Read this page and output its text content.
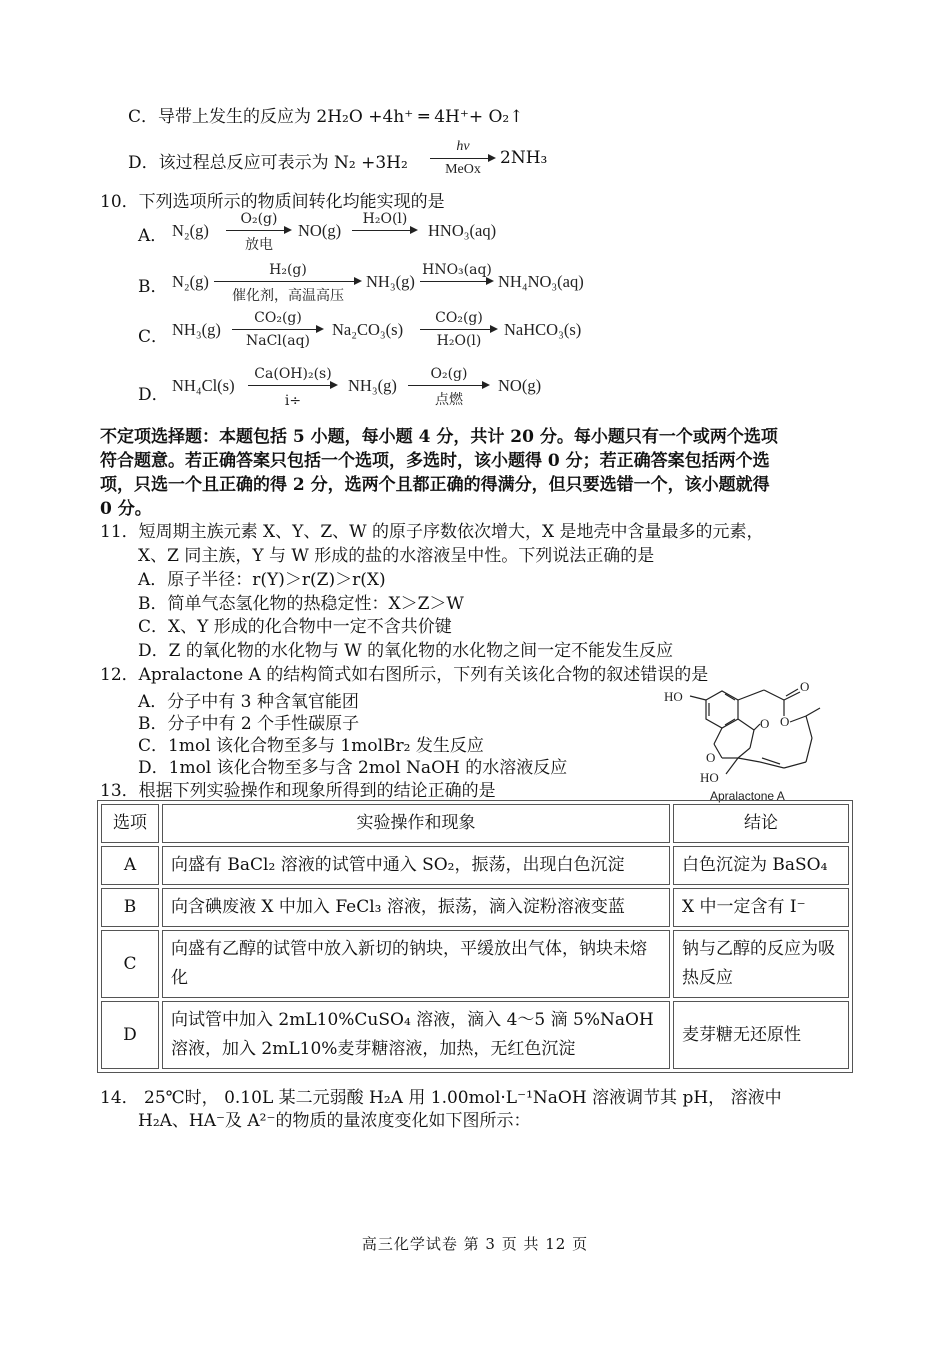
C．导带上发生的反应为 2H₂O +4h⁺ ═ 4H⁺+ O₂↑
D．该过程总反应可表示为 N₂ +3H₂
hv
MeOx
2NH₃
10．下列选项所示的物质间转化均能实现的是
A． N₂(g)
O₂(g)
放电
NO(g)
H₂O(l)
HNO₃(aq)
B． N₂(g)
H₂(g)
催化剂，高温高压
NH₃(g)
HNO₃(aq)
NH₄NO₃(aq)
C． NH₃(g)
CO₂(g)
NaCl(aq)
Na₂CO₃(s)
CO₂(g)
H₂O(l)
NaHCO₃(s)
D． NH₄Cl(s)
Ca(OH)₂(s)
i÷
NH₃(g)
O₂(g)
点燃
NO(g)
不定项选择题：本题包括 5 小题，每小题 4 分，共计 20 分。每小题只有一个或两个选项
符合题意。若正确答案只包括一个选项，多选时，该小题得 0 分；若正确答案包括两个选
项，只选一个且正确的得 2 分，选两个且都正确的得满分，但只要选错一个，该小题就得
0 分。
11．短周期主族元素 X、Y、Z、W 的原子序数依次增大，X 是地壳中含量最多的元素，
X、Z 同主族，Y 与 W 形成的盐的水溶液呈中性。下列说法正确的是
A．原子半径：r(Y)＞r(Z)＞r(X)
B．简单气态氢化物的热稳定性：X＞Z＞W
C．X、Y 形成的化合物中一定不含共价键
D．Z 的氧化物的水化物与 W 的氧化物的水化物之间一定不能发生反应
12．Apralactone A 的结构简式如右图所示，下列有关该化合物的叙述错误的是
A．分子中有 3 种含氧官能团
B．分子中有 2 个手性碳原子
C．1mol 该化合物至多与 1molBr₂ 发生反应
D．1mol 该化合物至多与含 2mol NaOH 的水溶液反应
HO
O
O
O
O
HO
Apralactone A
13．根据下列实验操作和现象所得到的结论正确的是
选项	实验操作和现象	结论
A	向盛有 BaCl₂ 溶液的试管中通入 SO₂，振荡，出现白色沉淀	白色沉淀为 BaSO₄
B	向含碘废液 X 中加入 FeCl₃ 溶液，振荡，滴入淀粉溶液变蓝	X 中一定含有 I⁻
C	向盛有乙醇的试管中放入新切的钠块，平缓放出气体，钠块未熔化	钠与乙醇的反应为吸热反应
D	向试管中加入 2mL10%CuSO₄ 溶液，滴入 4～5 滴 5%NaOH 溶液，加入 2mL10%麦芽糖溶液，加热，无红色沉淀	麦芽糖无还原性
14． 25℃时， 0.10L 某二元弱酸 H₂A 用 1.00mol·L⁻¹NaOH 溶液调节其 pH， 溶液中
H₂A、HA⁻及 A²⁻的物质的量浓度变化如下图所示：
高三化学试卷 第 3 页 共 12 页
